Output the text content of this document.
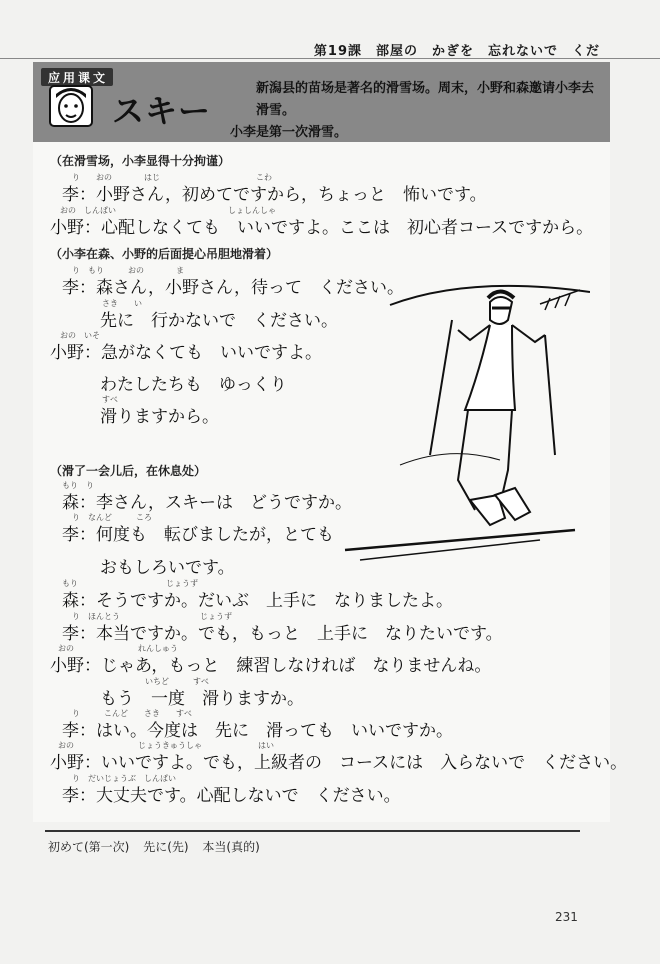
第19課　部屋の　かぎを　忘れないで　くだ
应 用 课 文
スキー
新潟县的苗场是著名的滑雪场。周末，小野和森邀请小李去滑雪。
小李是第一次滑雪。
（在滑雪场，小李显得十分拘谨）
（小李在森、小野的后面提心吊胆地滑着）
（滑了一会儿后，在休息处）
り　　おの　　　　はじ　　　　　　　　　　　　こわ
おの　しんぱい　　　　　　　　　　　　　　しょしんしゃ
り　もり　　　おの　　　　ま
さき　　い
おの　いそ
すべ
もり　り
り　なんど　　　ころ
もり　　　　　　　　　　　じょうず
り　ほんとう　　　　　　　　　　じょうず
おの　　　　　　　　れんしゅう
いちど　　　すべ
り　　　こんど　　さき　　すべ
おの　　　　　　　　じょうきゅうしゃ　　　　　　　はい
り　だいじょうぶ　しんぱい
李：小野さん，初めてですから，ちょっと　怖いです。
小野：心配しなくても　いいですよ。ここは　初心者コースですから。
李：森さん，小野さん，待って　ください。
先に　行かないで　ください。
小野：急がなくても　いいですよ。
わたしたちも　ゆっくり
滑りますから。
森：李さん，スキーは　どうですか。
李：何度も　転びましたが，とても
おもしろいです。
森：そうですか。だいぶ　上手に　なりましたよ。
李：本当ですか。でも，もっと　上手に　なりたいです。
小野：じゃあ，もっと　練習しなければ　なりませんね。
もう　一度　滑りますか。
李：はい。今度は　先に　滑っても　いいですか。
小野：いいですよ。でも，上級者の　コースには　入らないで　ください。
李：大丈夫です。心配しないで　ください。
初めて(第一次) 先に(先) 本当(真的)
231
